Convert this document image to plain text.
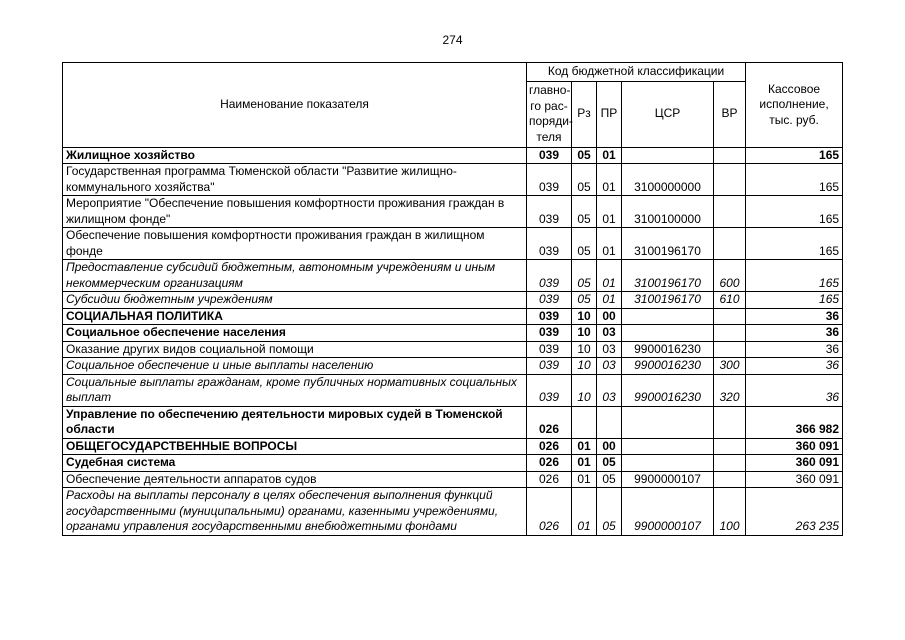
274
Наименование показателя	Код бюджетной классификации					Кассовое исполнение, тыс. руб.
	главно-го рас-поряди-теля	Рз	ПР	ЦСР	ВР	
Жилищное хозяйство	039	05	01			165
Государственная программа Тюменской области "Развитие жилищно-коммунального хозяйства"	039	05	01	3100000000		165
Мероприятие "Обеспечение повышения комфортности проживания граждан в жилищном фонде"	039	05	01	3100100000		165
Обеспечение повышения комфортности проживания граждан в жилищном фонде	039	05	01	3100196170		165
Предоставление субсидий бюджетным, автономным учреждениям и иным некоммерческим организациям	039	05	01	3100196170	600	165
Субсидии бюджетным учреждениям	039	05	01	3100196170	610	165
СОЦИАЛЬНАЯ ПОЛИТИКА	039	10	00			36
Социальное обеспечение населения	039	10	03			36
Оказание других видов социальной помощи	039	10	03	9900016230		36
Социальное обеспечение и иные выплаты населению	039	10	03	9900016230	300	36
Социальные выплаты гражданам, кроме публичных нормативных социальных выплат	039	10	03	9900016230	320	36
Управление по обеспечению деятельности мировых судей в Тюменской области	026					366 982
ОБЩЕГОСУДАРСТВЕННЫЕ ВОПРОСЫ	026	01	00			360 091
Судебная система	026	01	05			360 091
Обеспечение деятельности аппаратов судов	026	01	05	9900000107		360 091
Расходы на выплаты персоналу в целях обеспечения выполнения функций государственными (муниципальными) органами, казенными учреждениями, органами управления государственными внебюджетными фондами	026	01	05	9900000107	100	263 235
